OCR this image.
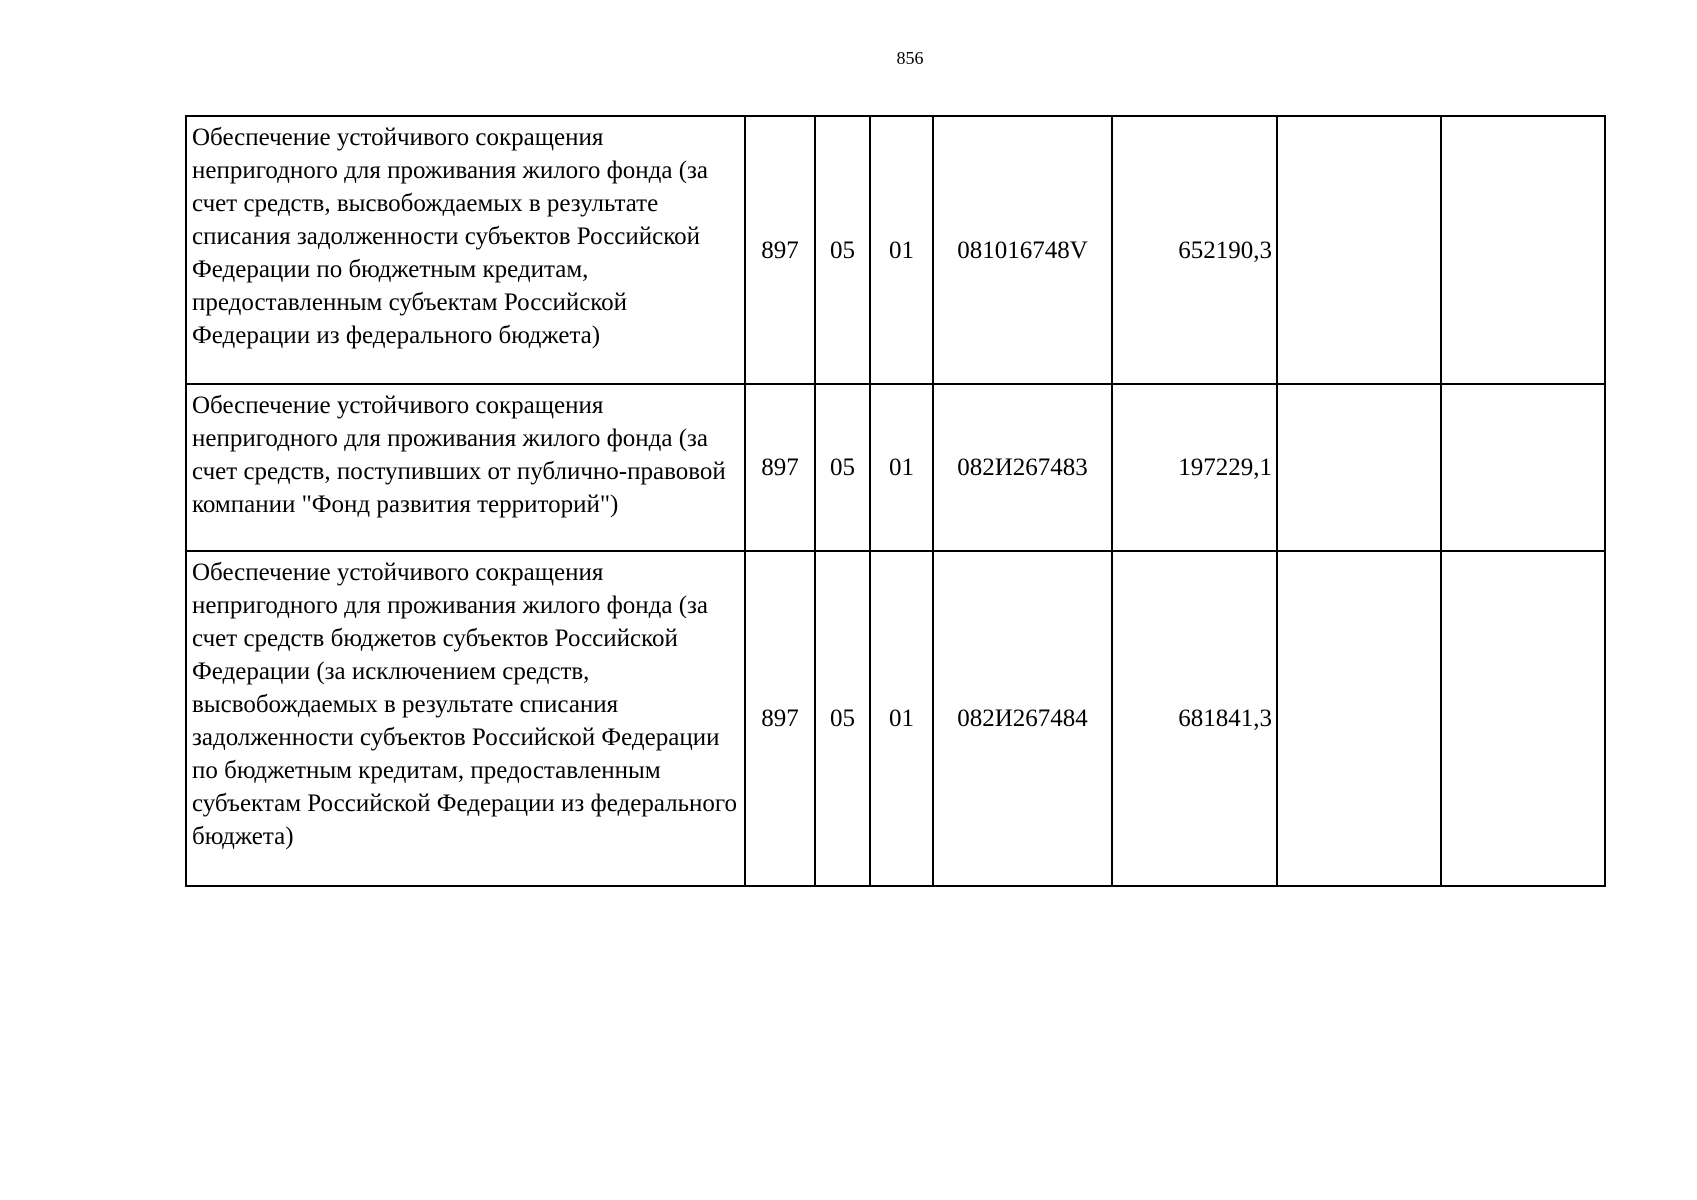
856
Обеспечение устойчивого сокращения непригодного для проживания жилого фонда (за счет средств, высвобождаемых в результате списания задолженности субъектов Российской Федерации по бюджетным кредитам, предоставленным субъектам Российской Федерации из федерального бюджета)	897	05	01	081016748V	652190,3		
Обеспечение устойчивого сокращения непригодного для проживания жилого фонда (за счет средств, поступивших от публично-правовой компании "Фонд развития территорий")	897	05	01	082И267483	197229,1		
Обеспечение устойчивого сокращения непригодного для проживания жилого фонда (за счет средств бюджетов субъектов Российской Федерации (за исключением средств, высвобождаемых в результате списания задолженности субъектов Российской Федерации по бюджетным кредитам, предоставленным субъектам Российской Федерации из федерального бюджета)	897	05	01	082И267484	681841,3		
